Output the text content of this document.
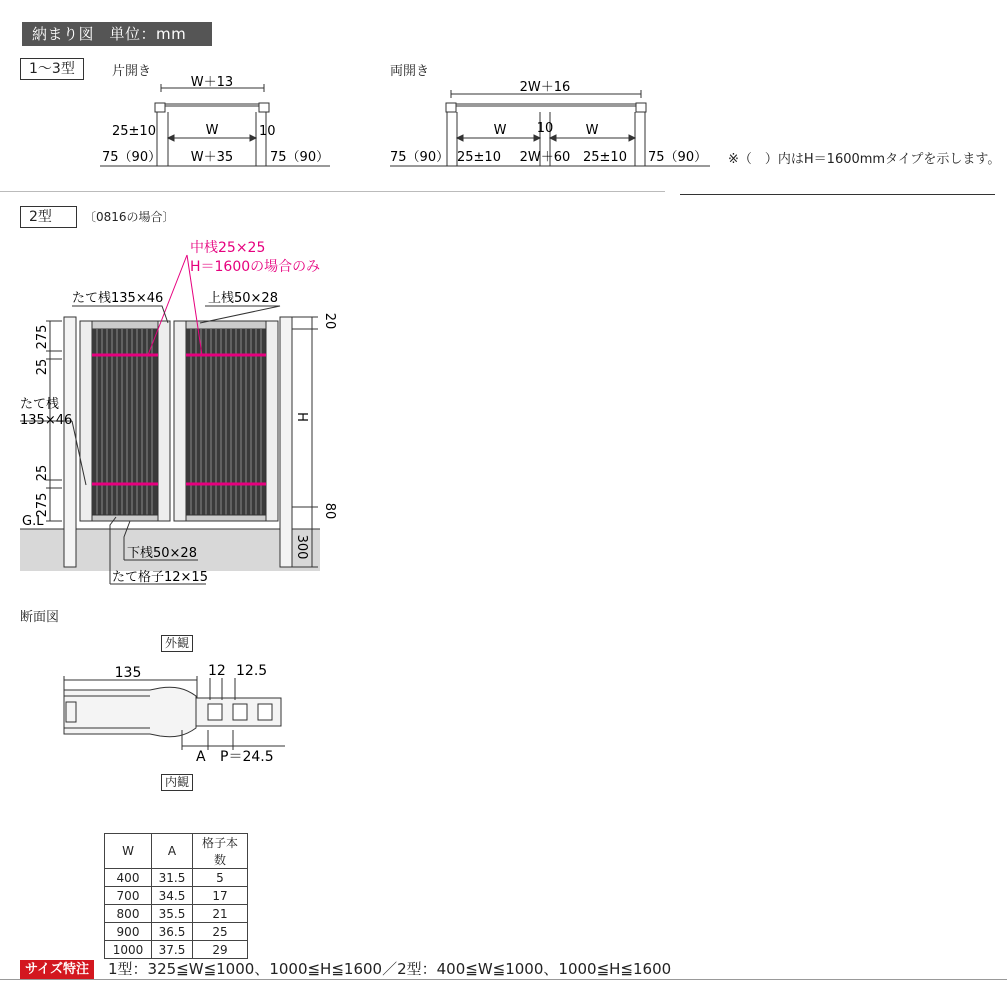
納まり図　単位：mm
1〜3型	片開き	両開き
W＋13
25±10	W	10
75（90） W＋35	75（90）
2W＋16
W 10 W
75（90） 25±10 2W＋60 25±10 75（90） ※（　）内はH＝1600mmタイプを示します。
2型	〔0816の場合〕
中桟25×25
H＝1600の場合のみ
たて桟135×46	上桟50×28
たて桟
135×46
下桟50×28
たて格子12×15
G.L
275
25
25
275
20
H
80
300
断面図
外観
内観
135	12 12.5
A P＝24.5
W	A	格子本数
400	31.5	5
700	34.5	17
800	35.5	21
900	36.5	25
1000	37.5	29
サイズ特注	1型：325≦W≦1000、1000≦H≦1600／2型：400≦W≦1000、1000≦H≦1600
